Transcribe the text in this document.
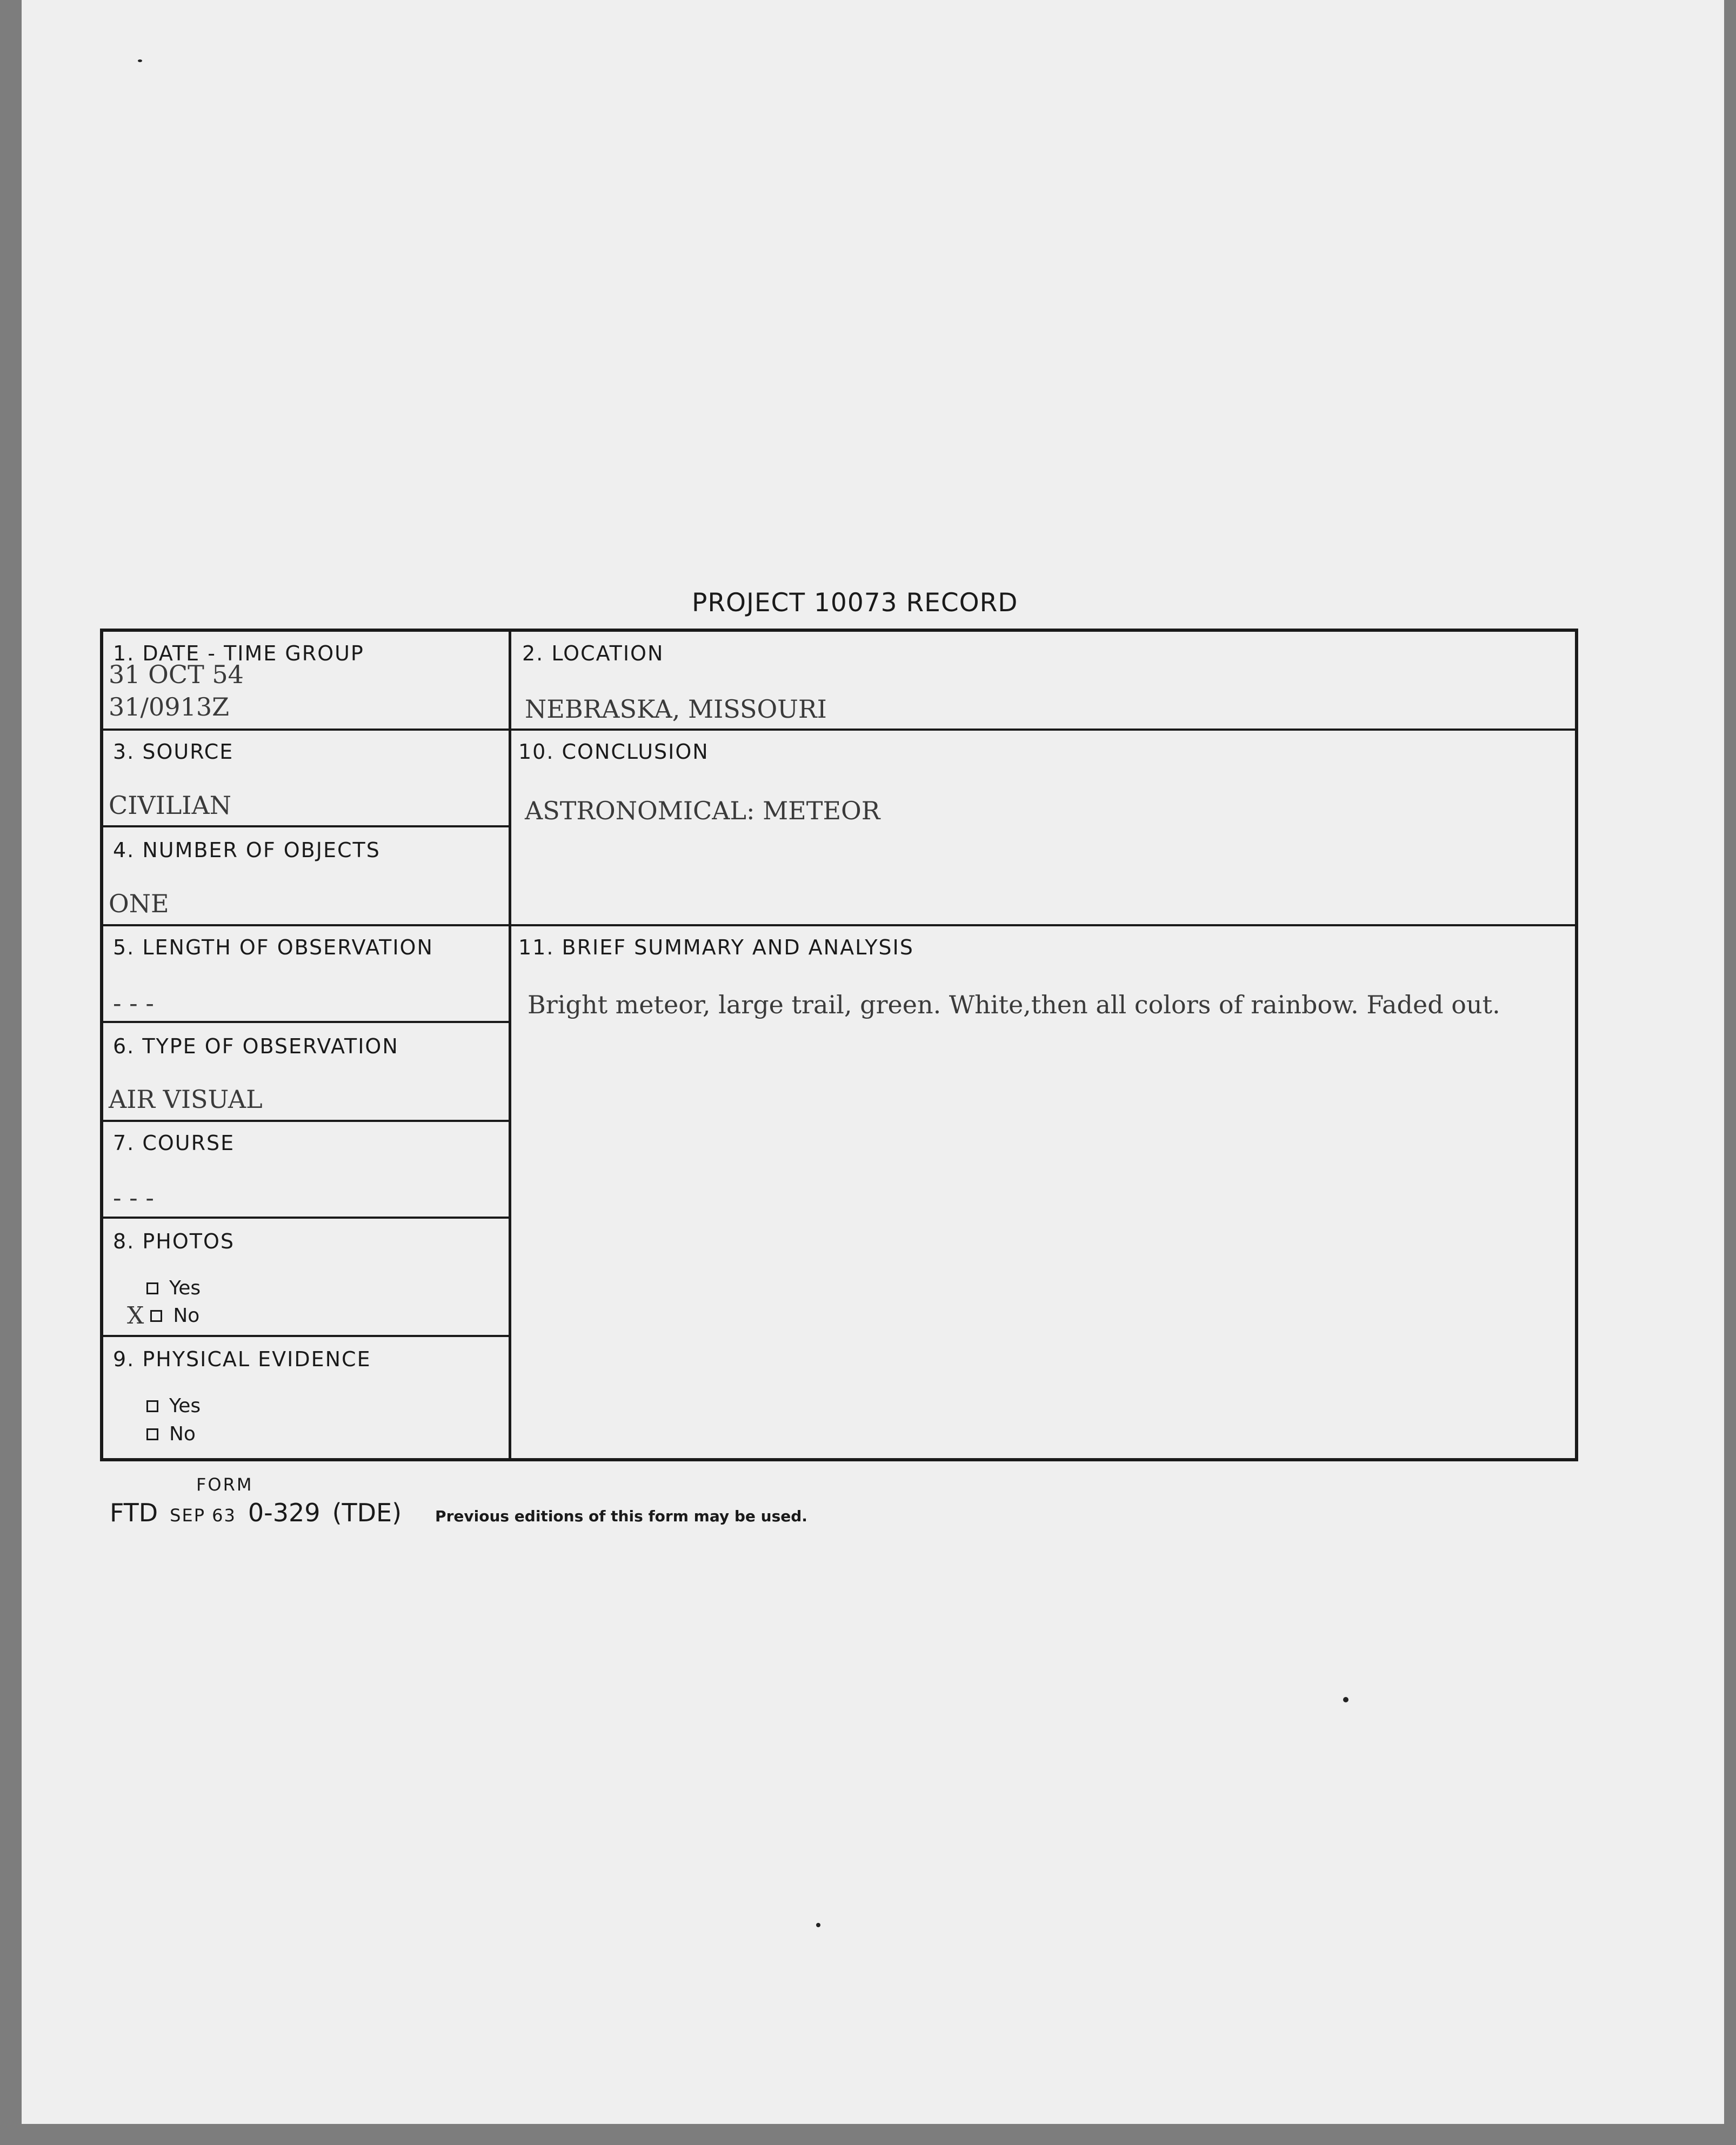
PROJECT 10073 RECORD
1. DATE - TIME GROUP
31 OCT 54
31/0913Z
2. LOCATION
NEBRASKA, MISSOURI
3. SOURCE
CIVILIAN
10. CONCLUSION
ASTRONOMICAL: METEOR
4. NUMBER OF OBJECTS
ONE
5. LENGTH OF OBSERVATION
- - -
11. BRIEF SUMMARY AND ANALYSIS
Bright meteor, large trail, green. White,then all colors of rainbow. Faded out.
6. TYPE OF OBSERVATION
AIR VISUAL
7. COURSE
- - -
8. PHOTOS
Yes
X No
9. PHYSICAL EVIDENCE
Yes
No
FORM
FTD SEP 63 0-329 (TDE) Previous editions of this form may be used.
